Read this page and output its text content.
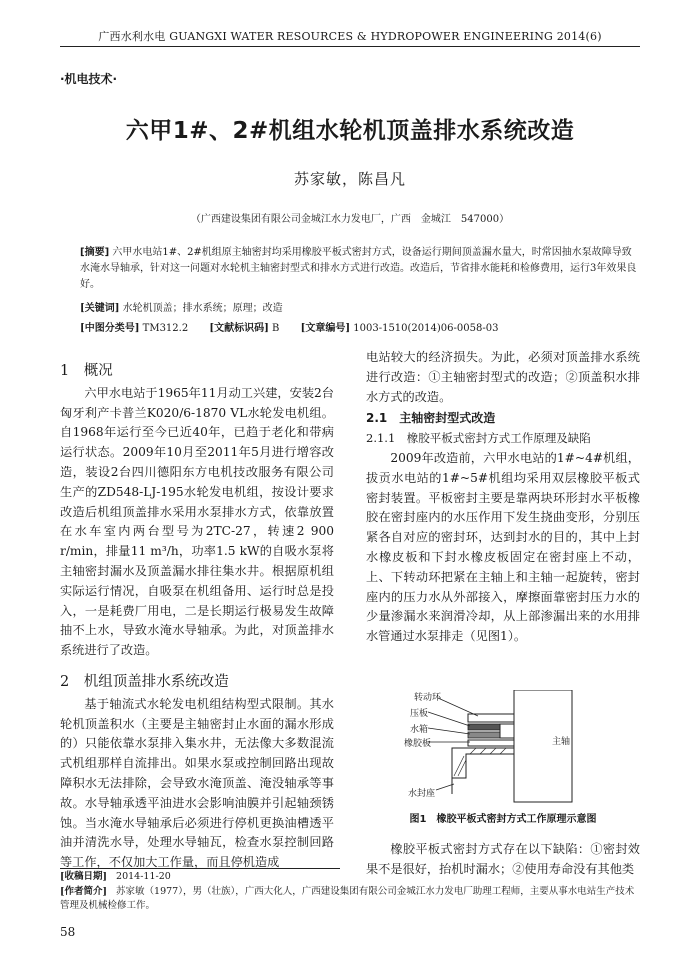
广西水利水电 GUANGXI WATER RESOURCES & HYDROPOWER ENGINEERING 2014(6)
·机电技术·
六甲1#、2#机组水轮机顶盖排水系统改造
苏家敏，陈昌凡
（广西建设集团有限公司金城江水力发电厂，广西　金城江　547000）
[摘要] 六甲水电站1#、2#机组原主轴密封均采用橡胶平板式密封方式，设备运行期间顶盖漏水量大，时常因抽水泵故障导致水淹水导轴承，针对这一问题对水轮机主轴密封型式和排水方式进行改造。改造后，节省排水能耗和检修费用，运行3年效果良好。
[关键词] 水轮机顶盖；排水系统；原理；改造
[中图分类号] TM312.2 [文献标识码] B [文章编号] 1003-1510(2014)06-0058-03

1　概况

六甲水电站于1965年11月动工兴建，安装2台匈牙利产卡普兰K020/6-1870 VL水轮发电机组。自1968年运行至今已近40年，已趋于老化和带病运行状态。2009年10月至2011年5月进行增容改造，装设2台四川德阳东方电机技改服务有限公司生产的ZD548-LJ-195水轮发电机组，按设计要求改造后机组顶盖排水采用水泵排水方式，依靠放置在水车室内两台型号为2TC-27，转速2 900 r/min，排量11 m³/h，功率1.5 kW的自吸水泵将主轴密封漏水及顶盖漏水排往集水井。根据原机组实际运行情况，自吸泵在机组备用、运行时总是投入，一是耗费厂用电，二是长期运行极易发生故障抽不上水，导致水淹水导轴承。为此，对顶盖排水系统进行了改造。

2　机组顶盖排水系统改造

基于轴流式水轮发电机组结构型式限制。其水轮机顶盖积水（主要是主轴密封止水面的漏水形成的）只能依靠水泵排入集水井，无法像大多数混流式机组那样自流排出。如果水泵或控制回路出现故障积水无法排除，会导致水淹顶盖、淹没轴承等事故。水导轴承透平油进水会影响油膜并引起轴颈锈蚀。当水淹水导轴承后必须进行停机更换油槽透平油并清洗水导，处理水导轴瓦，检查水泵控制回路等工作，不仅加大工作量，而且停机造成

电站较大的经济损失。为此，必须对顶盖排水系统进行改造：①主轴密封型式的改造；②顶盖积水排水方式的改造。

2.1　主轴密封型式改造

2.1.1　橡胶平板式密封方式工作原理及缺陷

2009年改造前，六甲水电站的1#~4#机组，拔贡水电站的1#~5#机组均采用双层橡胶平板式密封装置。平板密封主要是靠两块环形封水平板橡胶在密封座内的水压作用下发生挠曲变形，分别压紧各自对应的密封环，达到封水的目的，其中上封水橡皮板和下封水橡皮板固定在密封座上不动，上、下转动环把紧在主轴上和主轴一起旋转，密封座内的压力水从外部接入，摩擦面靠密封压力水的少量渗漏水来润滑冷却，从上部渗漏出来的水用排水管通过水泵排走（见图1）。

转动环
压板
水箱
橡胶板
水封座
主轴
图1　橡胶平板式密封方式工作原理示意图

橡胶平板式密封方式存在以下缺陷：①密封效果不是很好，抬机时漏水；②使用寿命没有其他类

[收稿日期] 2014-11-20
[作者简介] 苏家敏（1977），男（壮族），广西大化人，广西建设集团有限公司金城江水力发电厂助理工程师，主要从事水电站生产技术管理及机械检修工作。
58
